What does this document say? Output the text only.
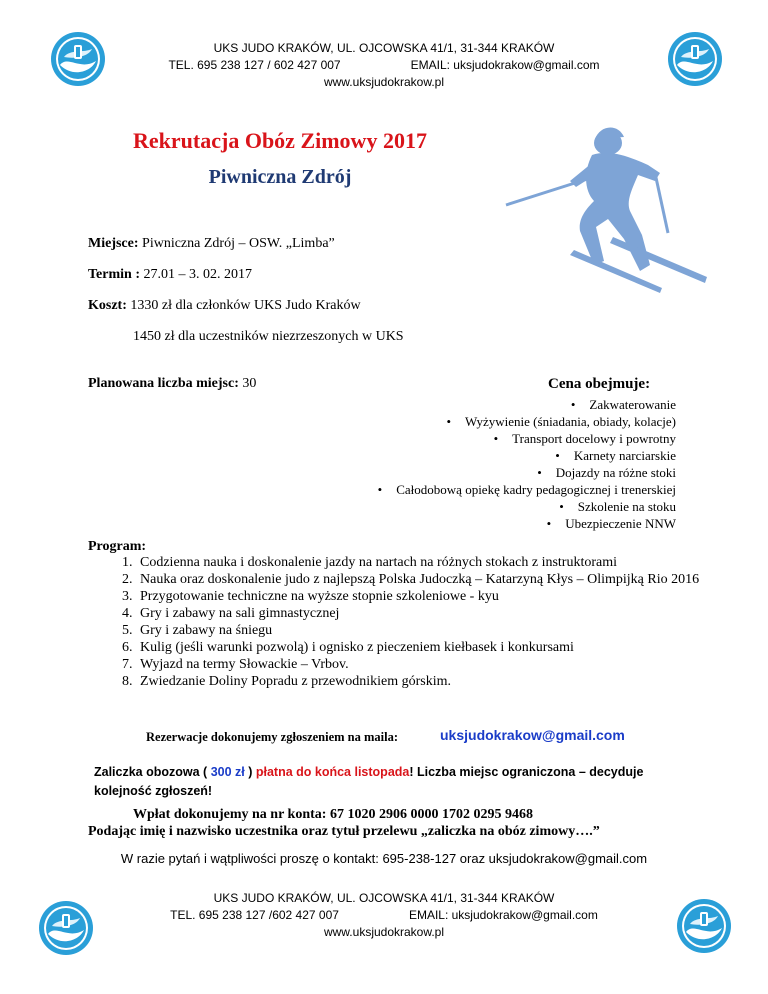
UKS JUDO KRAKÓW, UL. OJCOWSKA 41/1, 31-344 KRAKÓW
TEL. 695 238 127 / 602 427 007	EMAIL: uksjudokrakow@gmail.com
www.uksjudokrakow.pl
Rekrutacja Obóz Zimowy 2017
Piwniczna Zdrój
Miejsce: Piwniczna Zdrój – OSW. „Limba”
Termin : 27.01 – 3. 02. 2017
Koszt: 1330 zł dla członków UKS Judo Kraków
1450 zł dla uczestników niezrzeszonych w UKS
Planowana liczba miejsc: 30	Cena obejmuje:
• Zakwaterowanie
• Wyżywienie (śniadania, obiady, kolacje)
• Transport docelowy i powrotny
• Karnety narciarskie
• Dojazdy na różne stoki
• Całodobową opiekę kadry pedagogicznej i trenerskiej
• Szkolenie na stoku
• Ubezpieczenie NNW
Program:
1. Codzienna nauka i doskonalenie jazdy na nartach na różnych stokach z instruktorami
2. Nauka oraz doskonalenie judo z najlepszą Polska Judoczką – Katarzyną Kłys – Olimpijką Rio 2016
3. Przygotowanie techniczne na wyższe stopnie szkoleniowe - kyu
4. Gry i zabawy na sali gimnastycznej
5. Gry i zabawy na śniegu
6. Kulig (jeśli warunki pozwolą) i ognisko z pieczeniem kiełbasek i konkursami
7. Wyjazd na termy Słowackie – Vrbov.
8. Zwiedzanie Doliny Popradu z przewodnikiem górskim.
Rezerwacje dokonujemy zgłoszeniem na maila:	uksjudokrakow@gmail.com
Zaliczka obozowa ( 300 zł ) płatna do końca listopada! Liczba miejsc ograniczona – decyduje kolejność zgłoszeń!
Wpłat dokonujemy na nr konta: 67 1020 2906 0000 1702 0295 9468
Podając imię i nazwisko uczestnika oraz tytuł przelewu „zaliczka na obóz zimowy….”
W razie pytań i wątpliwości proszę o kontakt: 695-238-127 oraz uksjudokrakow@gmail.com
UKS JUDO KRAKÓW, UL. OJCOWSKA 41/1, 31-344 KRAKÓW
TEL. 695 238 127 /602 427 007	EMAIL: uksjudokrakow@gmail.com
www.uksjudokrakow.pl
